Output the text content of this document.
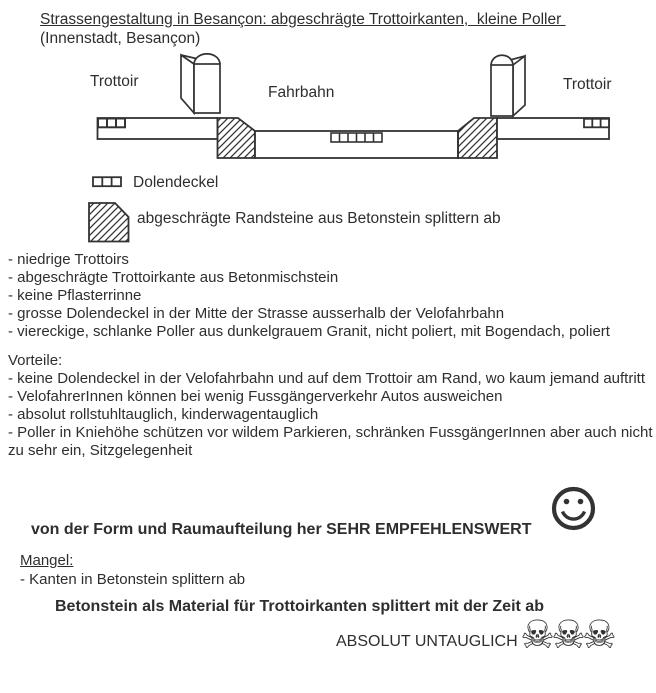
Strassengestaltung in Besançon: abgeschrägte Trottoirkanten,  kleine Poller
(Innenstadt, Besançon)
Trottoir
Fahrbahn	Trottoir
Dolendeckel
abgeschrägte Randsteine aus Betonstein splittern ab
- niedrige Trottoirs
- abgeschrägte Trottoirkante aus Betonmischstein
- keine Pflasterrinne
- grosse Dolendeckel in der Mitte der Strasse ausserhalb der Velofahrbahn
- viereckige, schlanke Poller aus dunkelgrauem Granit, nicht poliert, mit Bogendach, poliert
Vorteile:
- keine Dolendeckel in der Velofahrbahn und auf dem Trottoir am Rand, wo kaum jemand auftritt
- VelofahrerInnen können bei wenig Fussgängerverkehr Autos ausweichen
- absolut rollstuhltauglich, kinderwagentauglich
- Poller in Kniehöhe schützen vor wildem Parkieren, schränken FussgängerInnen aber auch nicht zu sehr ein, Sitzgelegenheit
von der Form und Raumaufteilung her SEHR EMPFEHLENSWERT
Mangel:
- Kanten in Betonstein splittern ab
Betonstein als Material für Trottoirkanten splittert mit der Zeit ab
ABSOLUT UNTAUGLICH ☠☠☠
